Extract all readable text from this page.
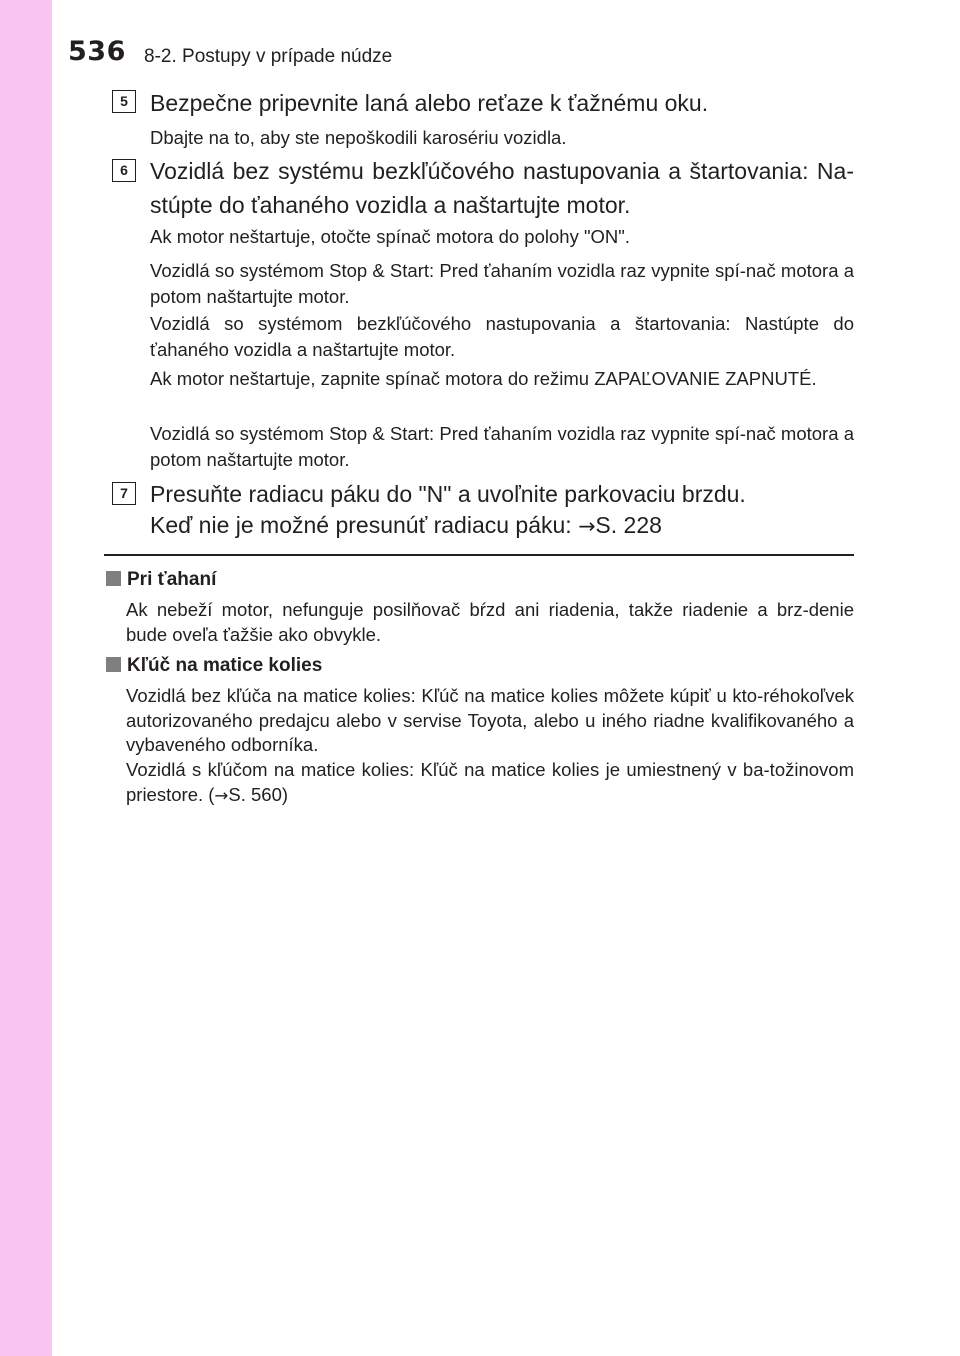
536 8-2. Postupy v prípade núdze
5 Bezpečne pripevnite laná alebo reťaze k ťažnému oku.

Dbajte na to, aby ste nepoškodili karosériu vozidla.

6 Vozidlá bez systému bezkľúčového nastupovania a štartovania: Na-stúpte do ťahaného vozidla a naštartujte motor.

Ak motor neštartuje, otočte spínač motora do polohy "ON".

Vozidlá so systémom Stop & Start: Pred ťahaním vozidla raz vypnite spí-nač motora a potom naštartujte motor.

Vozidlá so systémom bezkľúčového nastupovania a štartovania: Nastúpte do ťahaného vozidla a naštartujte motor.

Ak motor neštartuje, zapnite spínač motora do režimu ZAPAĽOVANIE ZAPNUTÉ.

Vozidlá so systémom Stop & Start: Pred ťahaním vozidla raz vypnite spí-nač motora a potom naštartujte motor.

7 Presuňte radiacu páku do "N" a uvoľnite parkovaciu brzdu.

Keď nie je možné presunúť radiacu páku: →S. 228

Pri ťahaní

Ak nebeží motor, nefunguje posilňovač bŕzd ani riadenia, takže riadenie a brz-denie bude oveľa ťažšie ako obvykle.

Kľúč na matice kolies

Vozidlá bez kľúča na matice kolies: Kľúč na matice kolies môžete kúpiť u kto-réhokoľvek autorizovaného predajcu alebo v servise Toyota, alebo u iného riadne kvalifikovaného a vybaveného odborníka.

Vozidlá s kľúčom na matice kolies: Kľúč na matice kolies je umiestnený v ba-tožinovom priestore. (→S. 560)
